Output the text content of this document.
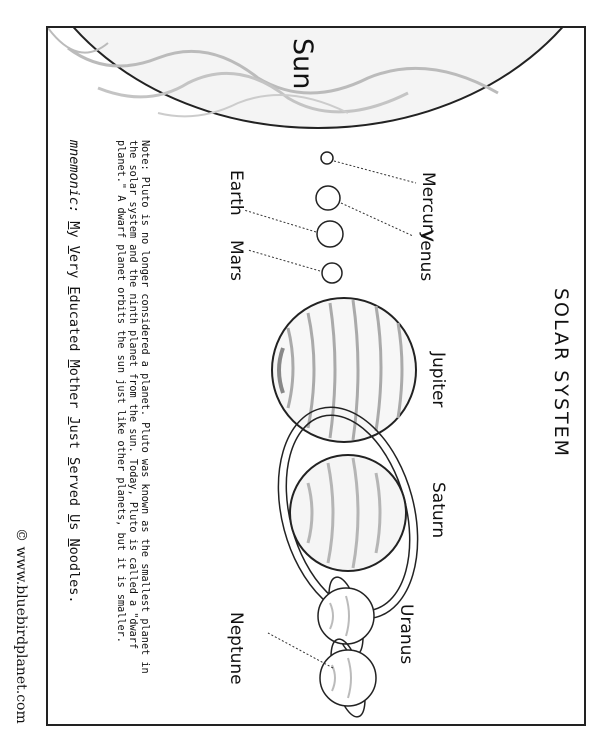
SOLAR SYSTEM
Sun
Mercury
Venus
Earth
Mars
Jupiter
Saturn
Uranus
Neptune
Note: Pluto is no longer considered a planet. Pluto was known as the smallest planet in the solar system and the ninth planet from the sun. Today, Pluto is called a "dwarf planet." A dwarf planet orbits the sun just like other planets, but it is smaller.
mnemonic: My Very Educated Mother Just Served Us Noodles.
© www.bluebirdplanet.com
